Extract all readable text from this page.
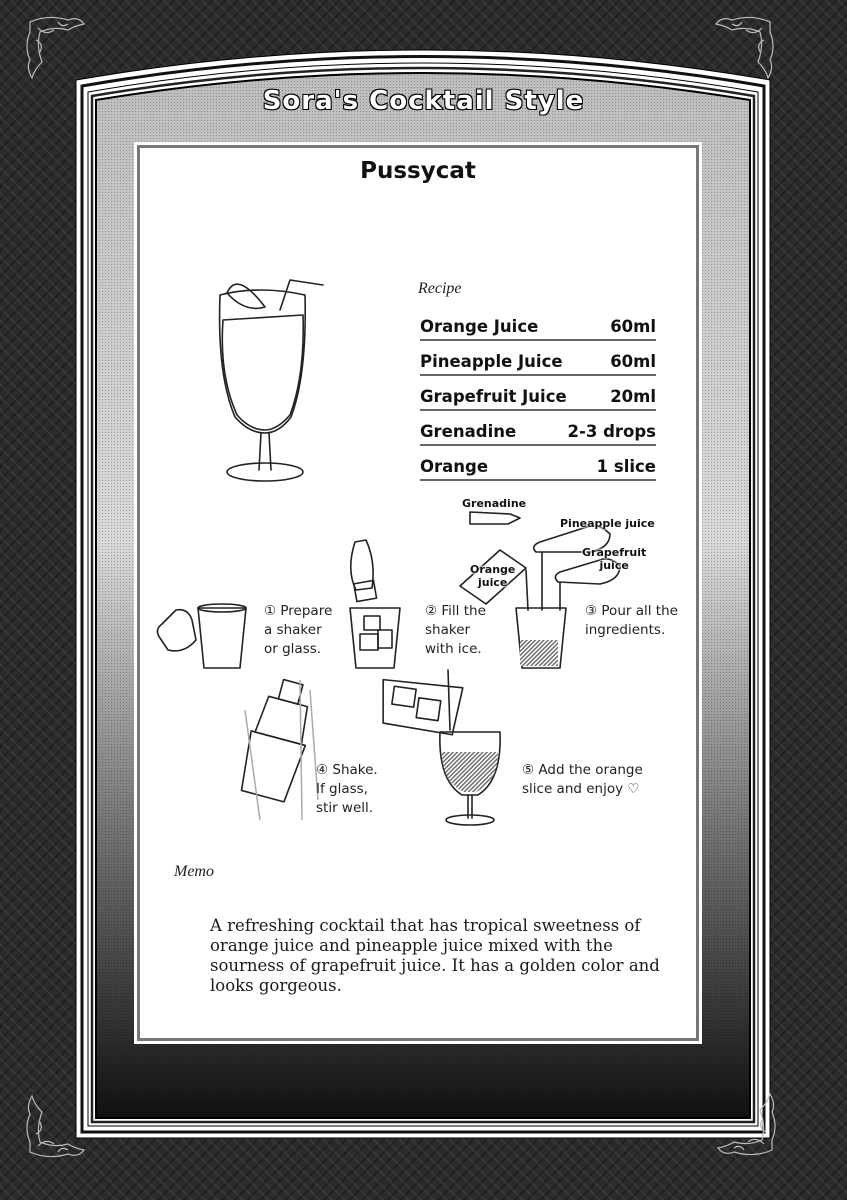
Sora's Cocktail Style
Pussycat
Recipe
Orange Juice	60ml
Pineapple Juice	60ml
Grapefruit Juice	20ml
Grenadine	2-3 drops
Orange	1 slice
Grenadine
Pineapple juice
Grapefruit
juice
Orange
juice
① Prepare
a shaker
or glass.
② Fill the
shaker
with ice.
③ Pour all the
ingredients.
④ Shake.
If glass,
stir well.
⑤ Add the orange
slice and enjoy ♡
Memo
A refreshing cocktail that has tropical sweetness of orange juice and pineapple juice mixed with the sourness of grapefruit juice. It has a golden color and looks gorgeous.
